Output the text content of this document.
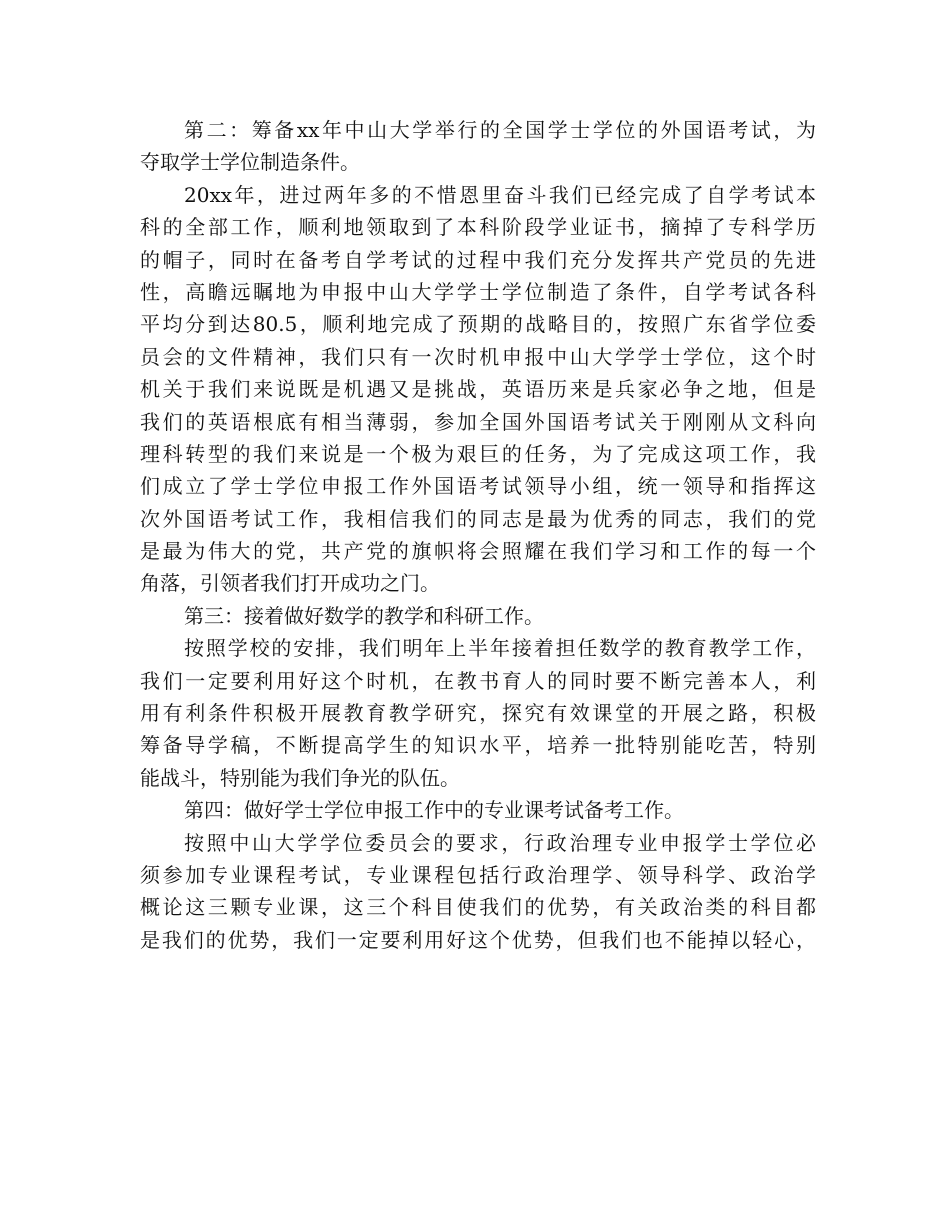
第二：筹备xx年中山大学举行的全国学士学位的外国语考试，为
夺取学士学位制造条件。
20xx年，进过两年多的不惜恩里奋斗我们已经完成了自学考试本
科的全部工作，顺利地领取到了本科阶段学业证书，摘掉了专科学历
的帽子，同时在备考自学考试的过程中我们充分发挥共产党员的先进
性，高瞻远瞩地为申报中山大学学士学位制造了条件，自学考试各科
平均分到达80.5，顺利地完成了预期的战略目的，按照广东省学位委
员会的文件精神，我们只有一次时机申报中山大学学士学位，这个时
机关于我们来说既是机遇又是挑战，英语历来是兵家必争之地，但是
我们的英语根底有相当薄弱，参加全国外国语考试关于刚刚从文科向
理科转型的我们来说是一个极为艰巨的任务，为了完成这项工作，我
们成立了学士学位申报工作外国语考试领导小组，统一领导和指挥这
次外国语考试工作，我相信我们的同志是最为优秀的同志，我们的党
是最为伟大的党，共产党的旗帜将会照耀在我们学习和工作的每一个
角落，引领者我们打开成功之门。
第三：接着做好数学的教学和科研工作。
按照学校的安排，我们明年上半年接着担任数学的教育教学工作，
我们一定要利用好这个时机，在教书育人的同时要不断完善本人，利
用有利条件积极开展教育教学研究，探究有效课堂的开展之路，积极
筹备导学稿，不断提高学生的知识水平，培养一批特别能吃苦，特别
能战斗，特别能为我们争光的队伍。
第四：做好学士学位申报工作中的专业课考试备考工作。
按照中山大学学位委员会的要求，行政治理专业申报学士学位必
须参加专业课程考试，专业课程包括行政治理学、领导科学、政治学
概论这三颗专业课，这三个科目使我们的优势，有关政治类的科目都
是我们的优势，我们一定要利用好这个优势，但我们也不能掉以轻心，
